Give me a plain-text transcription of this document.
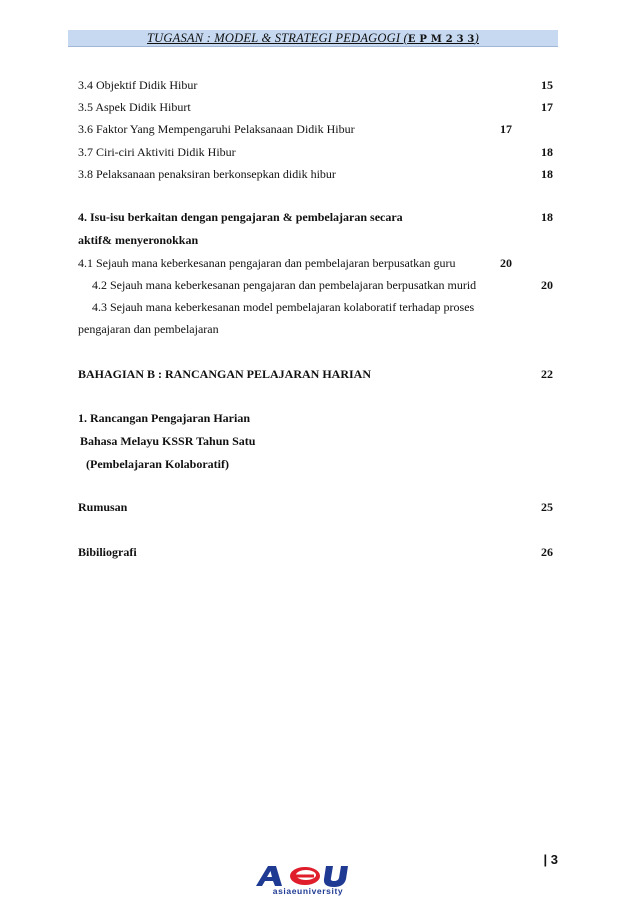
TUGASAN : MODEL & STRATEGI PEDAGOGI (E P M 2 3 3)
3.4 Objektif Didik Hibur	15
3.5 Aspek Didik Hiburt	17
3.6 Faktor Yang Mempengaruhi Pelaksanaan Didik Hibur	17
3.7 Ciri-ciri Aktiviti Didik Hibur	18
3.8 Pelaksanaan penaksiran berkonsepkan didik hibur	18
4. Isu-isu berkaitan dengan pengajaran & pembelajaran secara	18
aktif& menyeronokkan
4.1 Sejauh mana keberkesanan pengajaran dan pembelajaran berpusatkan guru	20
4.2 Sejauh mana keberkesanan pengajaran dan pembelajaran berpusatkan murid	20
4.3 Sejauh mana keberkesanan model pembelajaran kolaboratif terhadap proses
pengajaran dan pembelajaran
BAHAGIAN B : RANCANGAN PELAJARAN HARIAN	22
1. Rancangan Pengajaran Harian
Bahasa Melayu KSSR Tahun Satu
(Pembelajaran Kolaboratif)
Rumusan	25
Bibiliografi	26
| 3
asiaeuniversity
